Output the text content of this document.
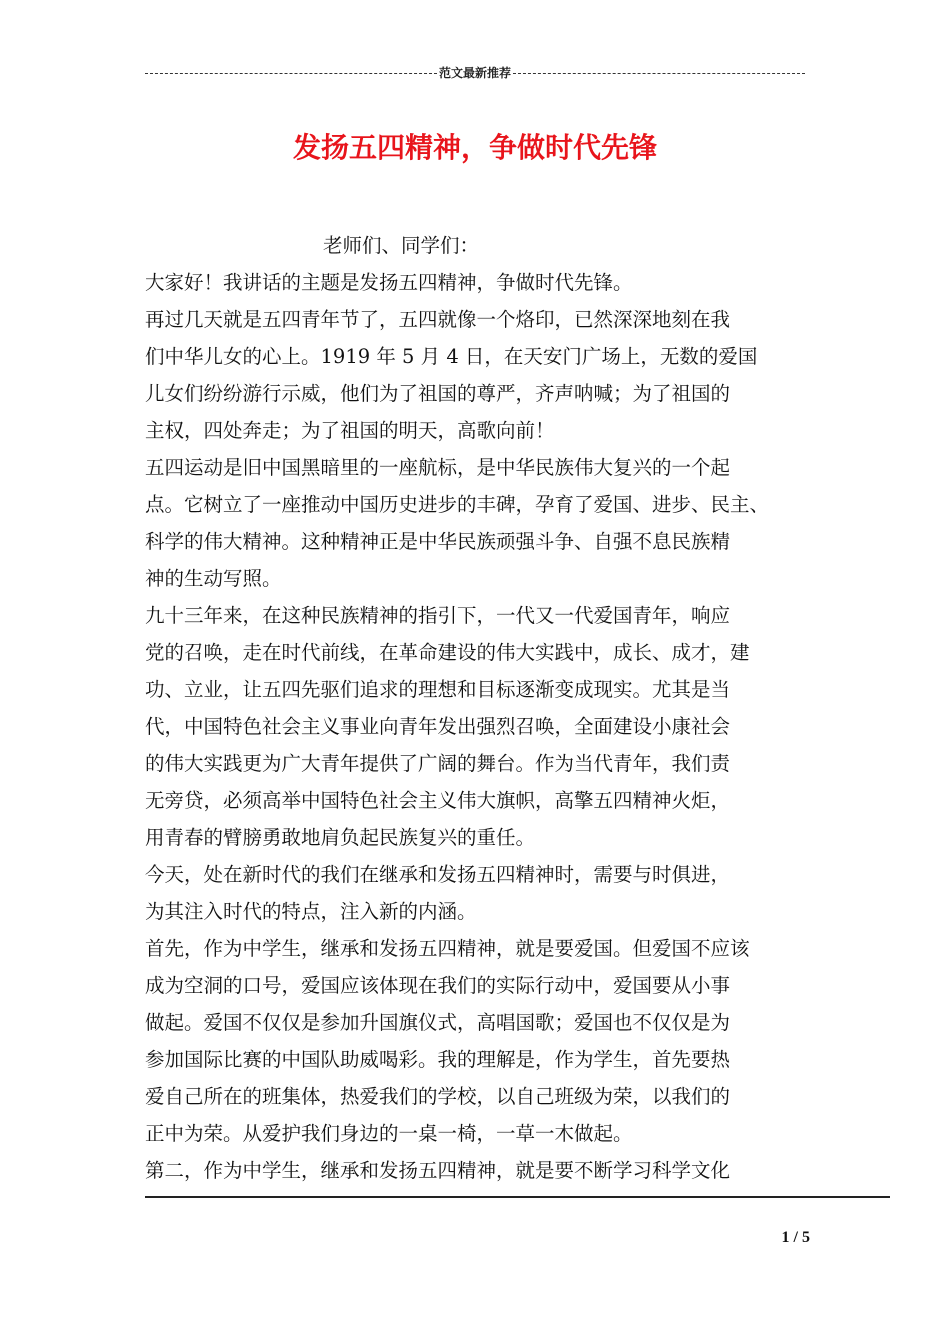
范文最新推荐
发扬五四精神，争做时代先锋
老师们、同学们：
大家好！我讲话的主题是发扬五四精神，争做时代先锋。
再过几天就是五四青年节了，五四就像一个烙印，已然深深地刻在我
们中华儿女的心上。1919 年 5 月 4 日，在天安门广场上，无数的爱国
儿女们纷纷游行示威，他们为了祖国的尊严，齐声呐喊；为了祖国的
主权，四处奔走；为了祖国的明天，高歌向前！
五四运动是旧中国黑暗里的一座航标，是中华民族伟大复兴的一个起
点。它树立了一座推动中国历史进步的丰碑，孕育了爱国、进步、民主、
科学的伟大精神。这种精神正是中华民族顽强斗争、自强不息民族精
神的生动写照。
九十三年来，在这种民族精神的指引下，一代又一代爱国青年，响应
党的召唤，走在时代前线，在革命建设的伟大实践中，成长、成才，建
功、立业，让五四先驱们追求的理想和目标逐渐变成现实。尤其是当
代，中国特色社会主义事业向青年发出强烈召唤，全面建设小康社会
的伟大实践更为广大青年提供了广阔的舞台。作为当代青年，我们责
无旁贷，必须高举中国特色社会主义伟大旗帜，高擎五四精神火炬，
用青春的臂膀勇敢地肩负起民族复兴的重任。
今天，处在新时代的我们在继承和发扬五四精神时，需要与时俱进，
为其注入时代的特点，注入新的内涵。
首先，作为中学生，继承和发扬五四精神，就是要爱国。但爱国不应该
成为空洞的口号，爱国应该体现在我们的实际行动中，爱国要从小事
做起。爱国不仅仅是参加升国旗仪式，高唱国歌；爱国也不仅仅是为
参加国际比赛的中国队助威喝彩。我的理解是，作为学生，首先要热
爱自己所在的班集体，热爱我们的学校，以自己班级为荣，以我们的
正中为荣。从爱护我们身边的一桌一椅，一草一木做起。
第二，作为中学生，继承和发扬五四精神，就是要不断学习科学文化
1 / 5
